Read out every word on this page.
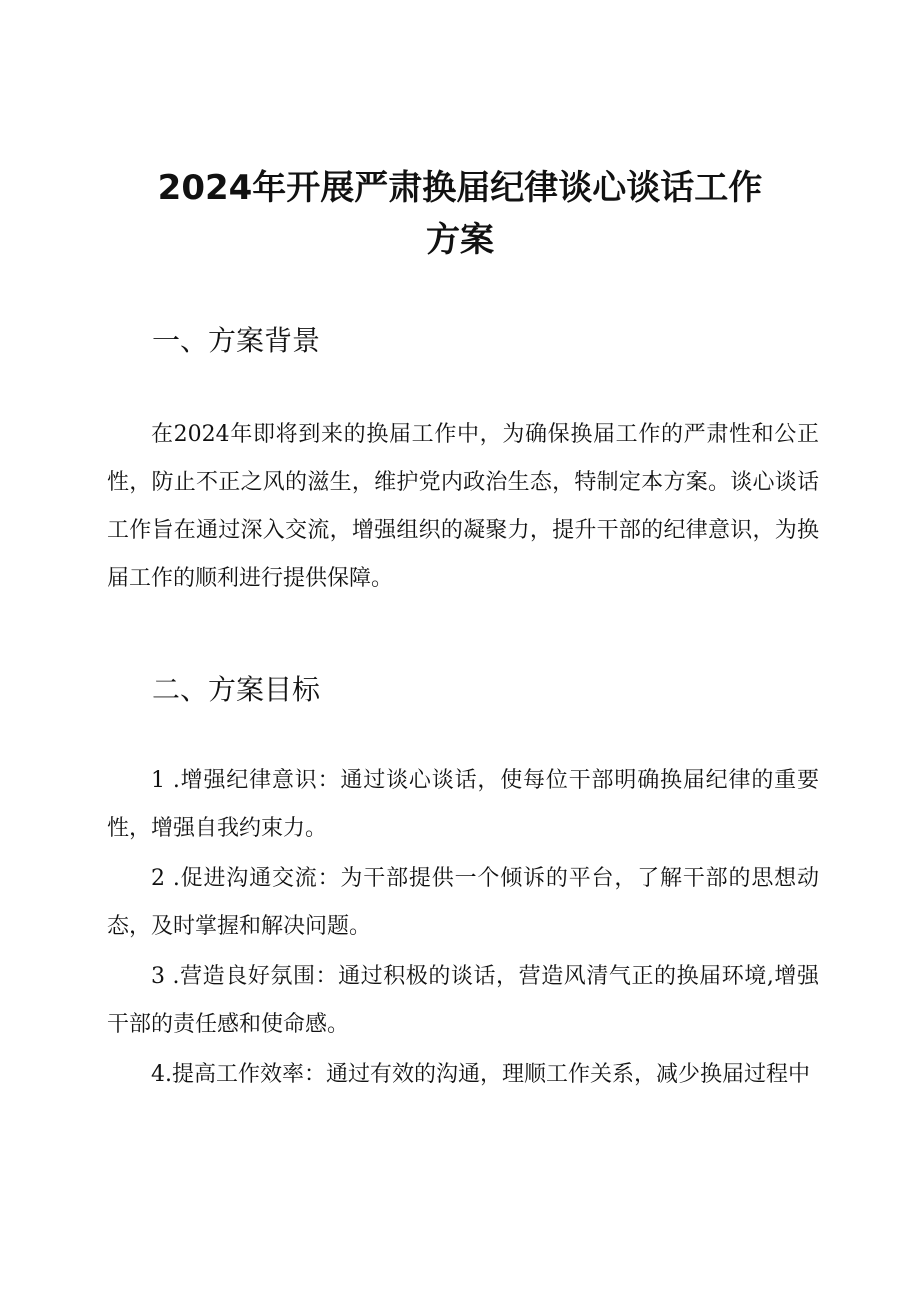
2024年开展严肃换届纪律谈心谈话工作
方案
一、方案背景

在2024年即将到来的换届工作中，为确保换届工作的严肃性和公正性，防止不正之风的滋生，维护党内政治生态，特制定本方案。谈心谈话工作旨在通过深入交流，增强组织的凝聚力，提升干部的纪律意识，为换届工作的顺利进行提供保障。

二、方案目标

1 .增强纪律意识：通过谈心谈话，使每位干部明确换届纪律的重要性，增强自我约束力。

2 .促进沟通交流：为干部提供一个倾诉的平台，了解干部的思想动态，及时掌握和解决问题。

3 .营造良好氛围：通过积极的谈话，营造风清气正的换届环境,增强干部的责任感和使命感。

4.提高工作效率：通过有效的沟通，理顺工作关系，减少换届过程中
